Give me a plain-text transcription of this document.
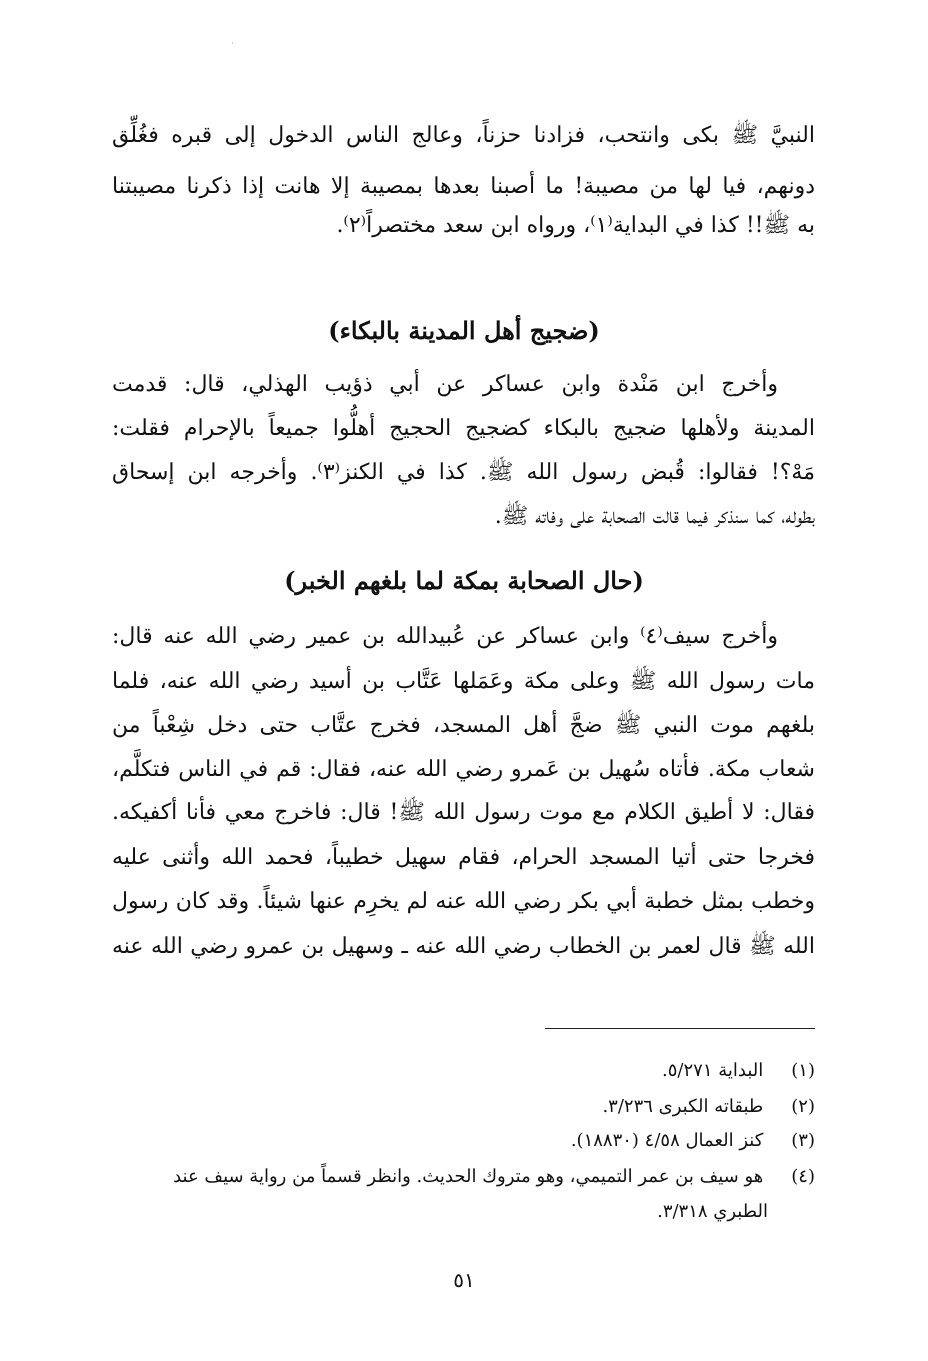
النبيَّ ﷺ بكى وانتحب، فزادنا حزناً، وعالج الناس الدخول إلى قبره فغُلِّق
دونهم، فيا لها من مصيبة! ما أصبنا بعدها بمصيبة إلا هانت إذا ذكرنا مصيبتنا
به ﷺ!! كذا في البداية⁽١⁾، ورواه ابن سعد مختصراً⁽٢⁾.
(ضجيج أهل المدينة بالبكاء)
وأخرج ابن مَنْدة وابن عساكر عن أبي ذؤيب الهذلي، قال: قدمت
المدينة ولأهلها ضجيج بالبكاء كضجيج الحجيج أهلُّوا جميعاً بالإحرام فقلت:
مَهْ؟! فقالوا: قُبض رسول الله ﷺ. كذا في الكنز⁽٣⁾. وأخرجه ابن إسحاق
بطوله، كما سنذكر فيما قالت الصحابة على وفاته ﷺ.
(حال الصحابة بمكة لما بلغهم الخبر)
وأخرج سيف⁽٤⁾ وابن عساكر عن عُبيدالله بن عمير رضي الله عنه قال:
مات رسول الله ﷺ وعلى مكة وعَمَلها عَتَّاب بن أسيد رضي الله عنه، فلما
بلغهم موت النبي ﷺ ضجَّ أهل المسجد، فخرج عتَّاب حتى دخل شِعْباً من
شعاب مكة. فأتاه سُهيل بن عَمرو رضي الله عنه، فقال: قم في الناس فتكلَّم،
فقال: لا أطيق الكلام مع موت رسول الله ﷺ! قال: فاخرج معي فأنا أكفيكه.
فخرجا حتى أتيا المسجد الحرام، فقام سهيل خطيباً، فحمد الله وأثنى عليه
وخطب بمثل خطبة أبي بكر رضي الله عنه لم يخرِم عنها شيئاً. وقد كان رسول
الله ﷺ قال لعمر بن الخطاب رضي الله عنه ـ وسهيل بن عمرو رضي الله عنه
(١) البداية ٥/٢٧١.
(٢) طبقاته الكبرى ٣/٢٣٦.
(٣) كنز العمال ٤/٥٨ (١٨٨٣٠).
(٤) هو سيف بن عمر التميمي، وهو متروك الحديث. وانظر قسماً من رواية سيف عند
الطبري ٣/٣١٨.
٥١
